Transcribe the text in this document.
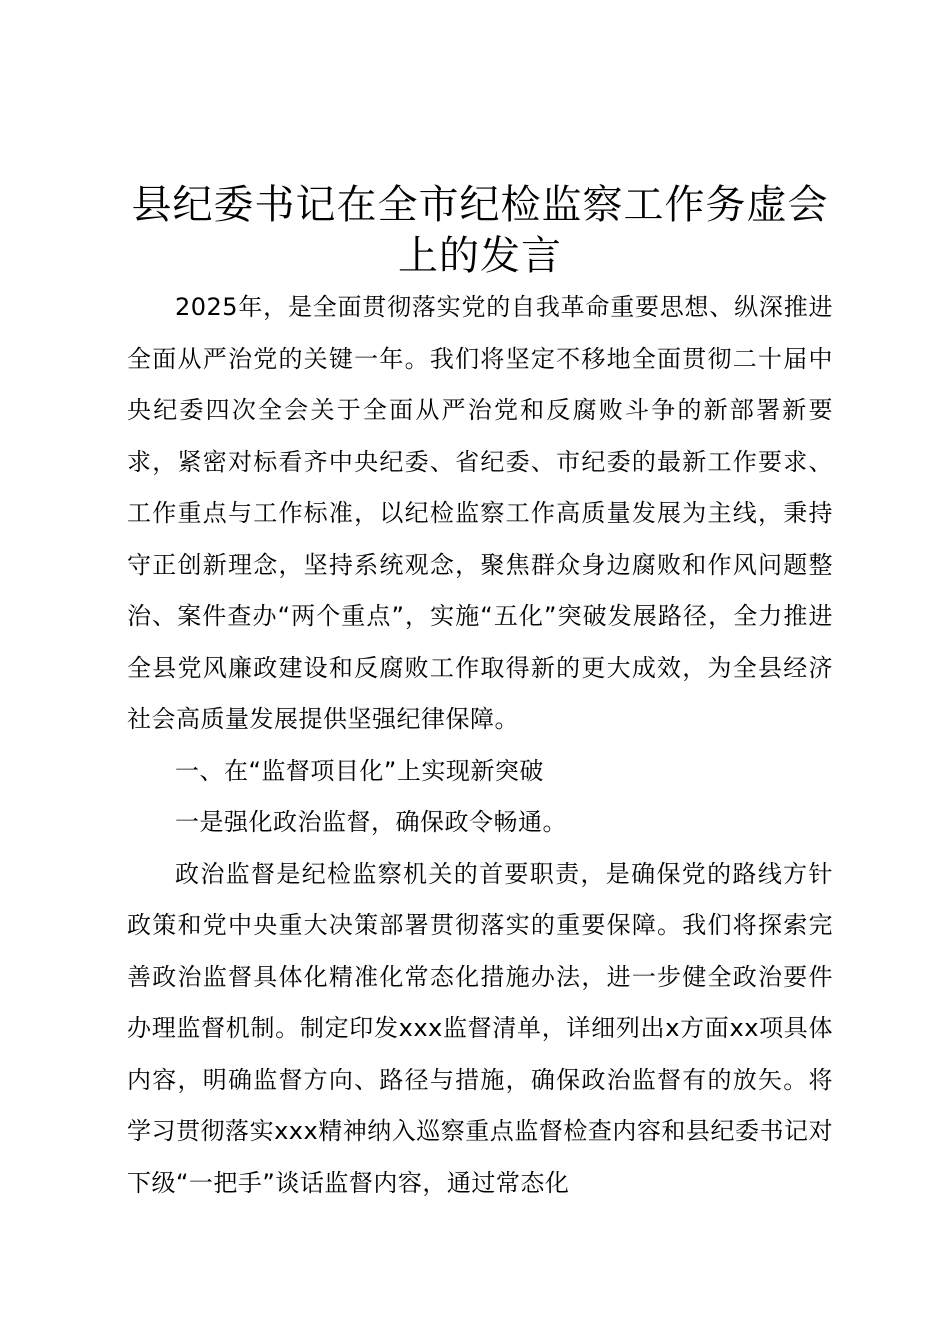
县纪委书记在全市纪检监察工作务虚会上的发言

2025年，是全面贯彻落实党的自我革命重要思想、纵深推进全面从严治党的关键一年。我们将坚定不移地全面贯彻二十届中央纪委四次全会关于全面从严治党和反腐败斗争的新部署新要求，紧密对标看齐中央纪委、省纪委、市纪委的最新工作要求、工作重点与工作标准，以纪检监察工作高质量发展为主线，秉持守正创新理念，坚持系统观念，聚焦群众身边腐败和作风问题整治、案件查办“两个重点”，实施“五化”突破发展路径，全力推进全县党风廉政建设和反腐败工作取得新的更大成效，为全县经济社会高质量发展提供坚强纪律保障。

一、在“监督项目化”上实现新突破

一是强化政治监督，确保政令畅通。

政治监督是纪检监察机关的首要职责，是确保党的路线方针政策和党中央重大决策部署贯彻落实的重要保障。我们将探索完善政治监督具体化精准化常态化措施办法，进一步健全政治要件办理监督机制。制定印发xxx监督清单，详细列出x方面xx项具体内容，明确监督方向、路径与措施，确保政治监督有的放矢。将学习贯彻落实xxx精神纳入巡察重点监督检查内容和县纪委书记对下级“一把手”谈话监督内容，通过常态化
